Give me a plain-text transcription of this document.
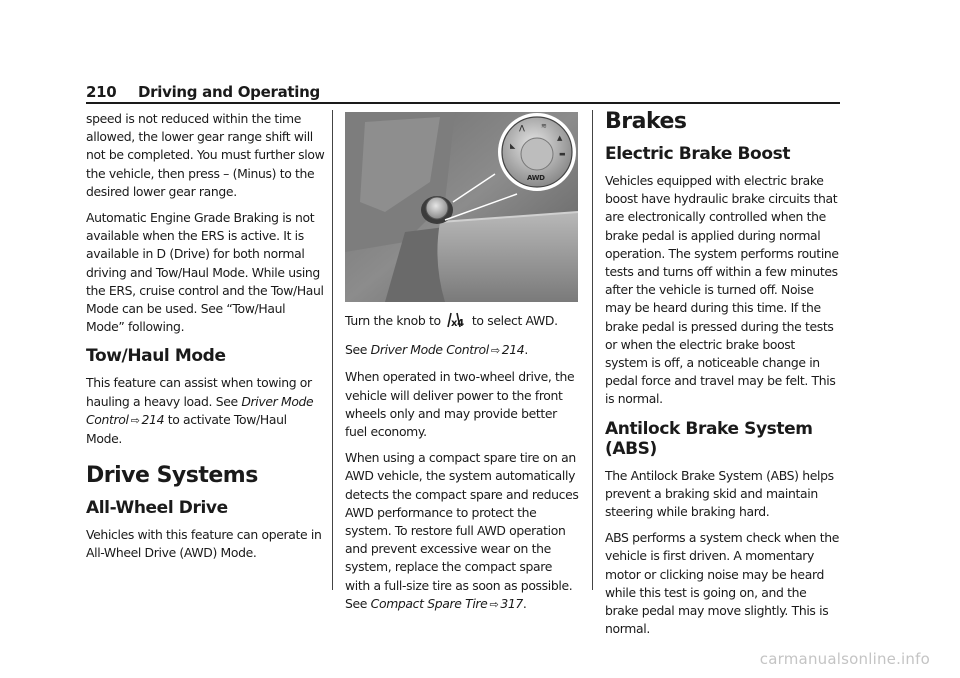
210 Driving and Operating

speed is not reduced within the time allowed, the lower gear range shift will not be completed. You must further slow the vehicle, then press – (Minus) to the desired lower gear range.

Automatic Engine Grade Braking is not available when the ERS is active. It is available in D (Drive) for both normal driving and Tow/Haul Mode. While using the ERS, cruise control and the Tow/Haul Mode can be used. See “Tow/Haul Mode” following.

Tow/Haul Mode

This feature can assist when towing or hauling a heavy load. See Driver Mode Control ⇨ 214 to activate Tow/Haul Mode.

Drive Systems
All-Wheel Drive

Vehicles with this feature can operate in All-Wheel Drive (AWD) Mode.

⋀ ≋
▲
◣
▬
AWD

Turn the knob to x4 to select AWD.

See Driver Mode Control ⇨ 214.

When operated in two-wheel drive, the vehicle will deliver power to the front wheels only and may provide better fuel economy.

When using a compact spare tire on an AWD vehicle, the system automatically detects the compact spare and reduces AWD performance to protect the system. To restore full AWD operation and prevent excessive wear on the system, replace the compact spare with a full-size tire as soon as possible. See Compact Spare Tire ⇨ 317.

Brakes
Electric Brake Boost

Vehicles equipped with electric brake boost have hydraulic brake circuits that are electronically controlled when the brake pedal is applied during normal operation. The system performs routine tests and turns off within a few minutes after the vehicle is turned off. Noise may be heard during this time. If the brake pedal is pressed during the tests or when the electric brake boost system is off, a noticeable change in pedal force and travel may be felt. This is normal.

Antilock Brake System (ABS)

The Antilock Brake System (ABS) helps prevent a braking skid and maintain steering while braking hard.

ABS performs a system check when the vehicle is first driven. A momentary motor or clicking noise may be heard while this test is going on, and the brake pedal may move slightly. This is normal.

carmanualsonline.info
